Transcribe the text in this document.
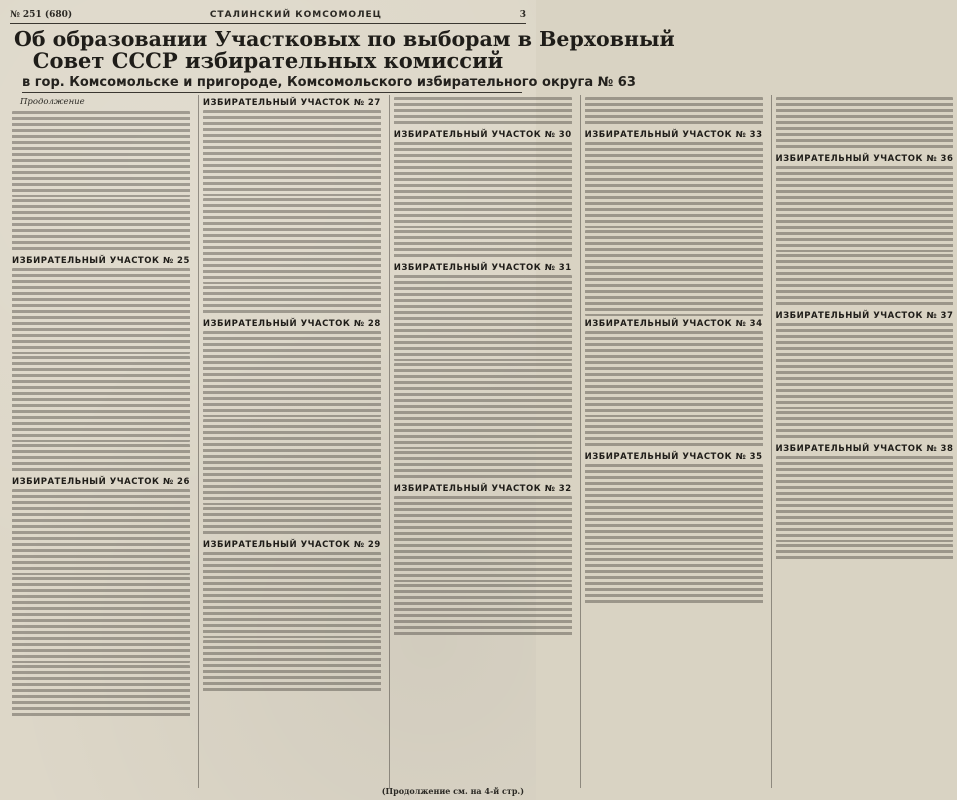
№ 251 (680)	СТАЛИНСКИЙ КОМСОМОЛЕЦ	3
Об образовании Участковых по выборам в Верховный
Совет СССР избирательных комиссий
в гор. Комсомольске и пригороде, Комсомольского избирательного округа № 63
Продолжение
ИЗБИРАТЕЛЬНЫЙ УЧАСТОК № 25
ИЗБИРАТЕЛЬНЫЙ УЧАСТОК № 26
ИЗБИРАТЕЛЬНЫЙ УЧАСТОК № 27
ИЗБИРАТЕЛЬНЫЙ УЧАСТОК № 28
ИЗБИРАТЕЛЬНЫЙ УЧАСТОК № 29
ИЗБИРАТЕЛЬНЫЙ УЧАСТОК № 30
ИЗБИРАТЕЛЬНЫЙ УЧАСТОК № 31
ИЗБИРАТЕЛЬНЫЙ УЧАСТОК № 32
ИЗБИРАТЕЛЬНЫЙ УЧАСТОК № 33
ИЗБИРАТЕЛЬНЫЙ УЧАСТОК № 34
ИЗБИРАТЕЛЬНЫЙ УЧАСТОК № 35
ИЗБИРАТЕЛЬНЫЙ УЧАСТОК № 36
ИЗБИРАТЕЛЬНЫЙ УЧАСТОК № 37
ИЗБИРАТЕЛЬНЫЙ УЧАСТОК № 38
(Продолжение см. на 4-й стр.)
